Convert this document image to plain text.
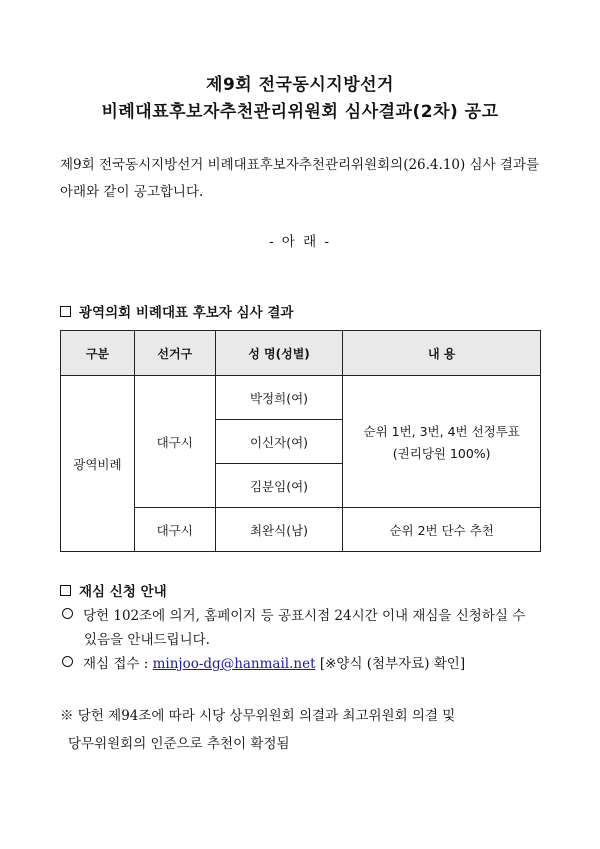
제9회 전국동시지방선거
비례대표후보자추천관리위원회 심사결과(2차) 공고
제9회 전국동시지방선거 비례대표후보자추천관리위원회의(26.4.10) 심사 결과를
아래와 같이 공고합니다.
- 아 래 -
광역의회 비례대표 후보자 심사 결과
구분	선거구	성 명(성별)	내 용
광역비례	대구시	박정희(여)	순위 1번, 3번, 4번 선정투표
(권리당원 100%)

		이신자(여)	
		김분임(여)	
	대구시	최완식(남)	순위 2번 단수 추천
재심 신청 안내
당헌 102조에 의거, 홈페이지 등 공표시점 24시간 이내 재심을 신청하실 수
있음을 안내드립니다.
재심 접수 : minjoo-dg@hanmail.net [※양식 (첨부자료) 확인]
※ 당헌 제94조에 따라 시당 상무위원회 의결과 최고위원회 의결 및
당무위원회의 인준으로 추천이 확정됨
